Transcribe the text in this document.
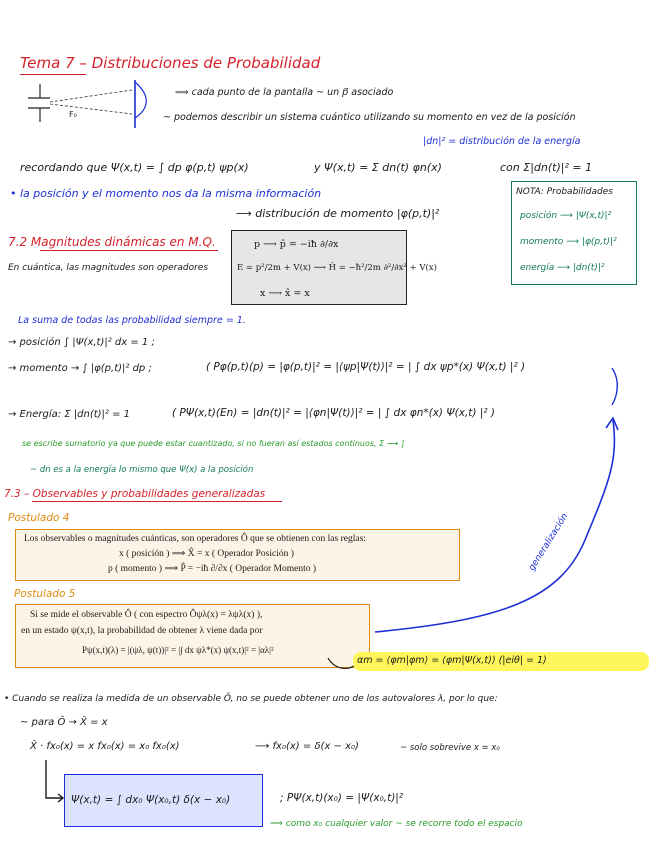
Tema 7 – Distribuciones de Probabilidad
F₀
⟹ cada punto de la pantalla ~ un p⃗ asociado
~ podemos describir un sistema cuántico utilizando su momento en vez de la posición
|dn|² = distribución de la energía
recordando que Ψ(x,t) = ∫ dp φ(p,t) ψp(x)	y Ψ(x,t) = Σ dn(t) φn(x)	con Σ|dn(t)|² = 1
• la posición y el momento nos da la misma información
⟶ distribución de momento |φ(p,t)|²
NOTA: Probabilidades
posición ⟶ |Ψ(x,t)|²
momento ⟶ |φ(p,t)|²
energía ⟶ |dn(t)|²
7.2 Magnitudes dinámicas en M.Q.
En cuántica, las magnitudes son operadores
p ⟶ p̂ = −iħ ∂/∂x
E = p²/2m + V(x) ⟶ Ĥ = −ħ²/2m ∂²/∂x² + V(x)
x ⟶ x̂ = x
La suma de todas las probabilidad siempre = 1.
→ posición ∫ |Ψ(x,t)|² dx = 1 ;
→ momento → ∫ |φ(p,t)|² dp ;	( Pφ(p,t)(p) = |φ(p,t)|² = |⟨ψp|Ψ(t)⟩|² = | ∫ dx ψp*(x) Ψ(x,t) |² )
→ Energía: Σ |dn(t)|² = 1	( PΨ(x,t)(En) = |dn(t)|² = |⟨φn|Ψ(t)⟩|² = | ∫ dx φn*(x) Ψ(x,t) |² )
se escribe sumatorio ya que puede estar cuantizado, si no fueran así estados continuos, Σ ⟶ ∫
~ dn es a la energía lo mismo que Ψ(x) a la posición
7.3 – Observables y probabilidades generalizadas
Postulado 4
Los observables o magnitudes cuánticas, son operadores Ô que se obtienen con las reglas:
x ( posición ) ⟹ X̂ = x ( Operador Posición )
p ( momento ) ⟹ P̂ = −iħ ∂/∂x ( Operador Momento )
Postulado 5
Si se mide el observable Ô ( con espectro Ôψλ(x) = λψλ(x) ),
en un estado ψ(x,t), la probabilidad de obtener λ viene dada por
Pψ(x,t)(λ) = |(ψλ, ψ(t))|² = |∫ dx ψλ*(x) ψ(x,t)|² = |αλ|²
generalización
αm = ⟨φm|φm⟩ = ⟨φm|Ψ(x,t)⟩ (|eiθ| = 1)
• Cuando se realiza la medida de un observable Ô, no se puede obtener uno de los autovalores λ, por lo que:
~ para Ô → X̂ = x
X̂ · fx₀(x) = x fx₀(x) = x₀ fx₀(x)	⟶ fx₀(x) = δ(x − x₀)	~ solo sobrevive x = x₀
Ψ(x,t) = ∫ dx₀ Ψ(x₀,t) δ(x − x₀)	; PΨ(x,t)(x₀) = |Ψ(x₀,t)|²
⟹ como x₀ cualquier valor ~ se recorre todo el espacio
